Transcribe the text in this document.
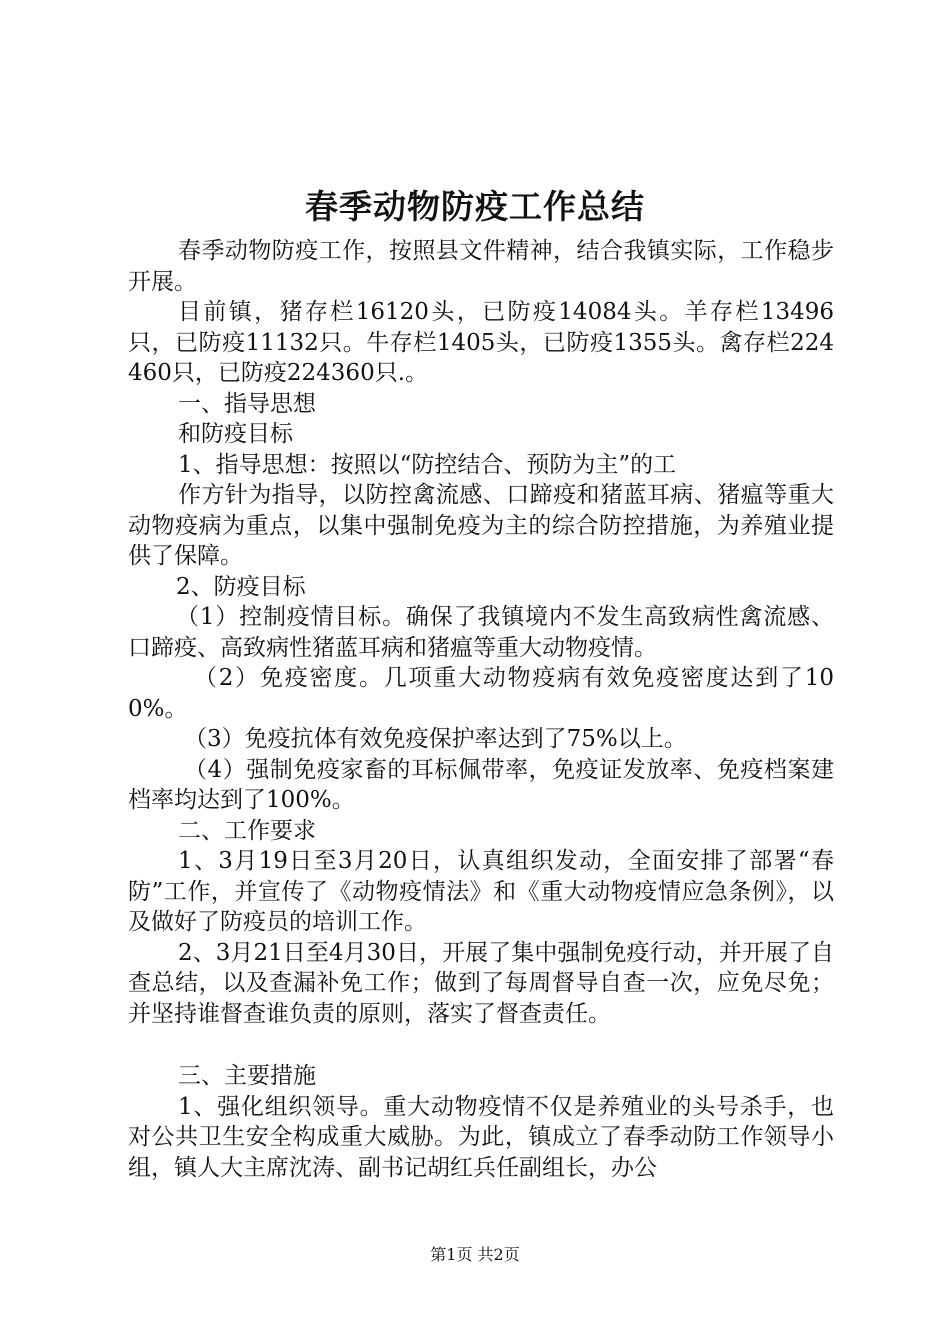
春季动物防疫工作总结

春季动物防疫工作，按照县文件精神，结合我镇实际，工作稳步开展。

目前镇，猪存栏16120头，已防疫14084头。羊存栏13496只，已防疫11132只。牛存栏1405头，已防疫1355头。禽存栏224460只，已防疫224360只.。

一、指导思想

和防疫目标

1、指导思想：按照以“防控结合、预防为主”的工

作方针为指导，以防控禽流感、口蹄疫和猪蓝耳病、猪瘟等重大动物疫病为重点，以集中强制免疫为主的综合防控措施，为养殖业提供了保障。

2、防疫目标

（1）控制疫情目标。确保了我镇境内不发生高致病性禽流感、口蹄疫、高致病性猪蓝耳病和猪瘟等重大动物疫情。

（2）免疫密度。几项重大动物疫病有效免疫密度达到了100%。

（3）免疫抗体有效免疫保护率达到了75%以上。

（4）强制免疫家畜的耳标佩带率，免疫证发放率、免疫档案建档率均达到了100%。

二、工作要求

1、3月19日至3月20日，认真组织发动，全面安排了部署“春防”工作，并宣传了《动物疫情法》和《重大动物疫情应急条例》，以及做好了防疫员的培训工作。

2、3月21日至4月30日，开展了集中强制免疫行动，并开展了自查总结，以及查漏补免工作；做到了每周督导自查一次，应免尽免；并坚持谁督查谁负责的原则，落实了督查责任。

三、主要措施

1、强化组织领导。重大动物疫情不仅是养殖业的头号杀手，也对公共卫生安全构成重大威胁。为此，镇成立了春季动防工作领导小组，镇人大主席沈涛、副书记胡红兵任副组长，办公

第1页 共2页
